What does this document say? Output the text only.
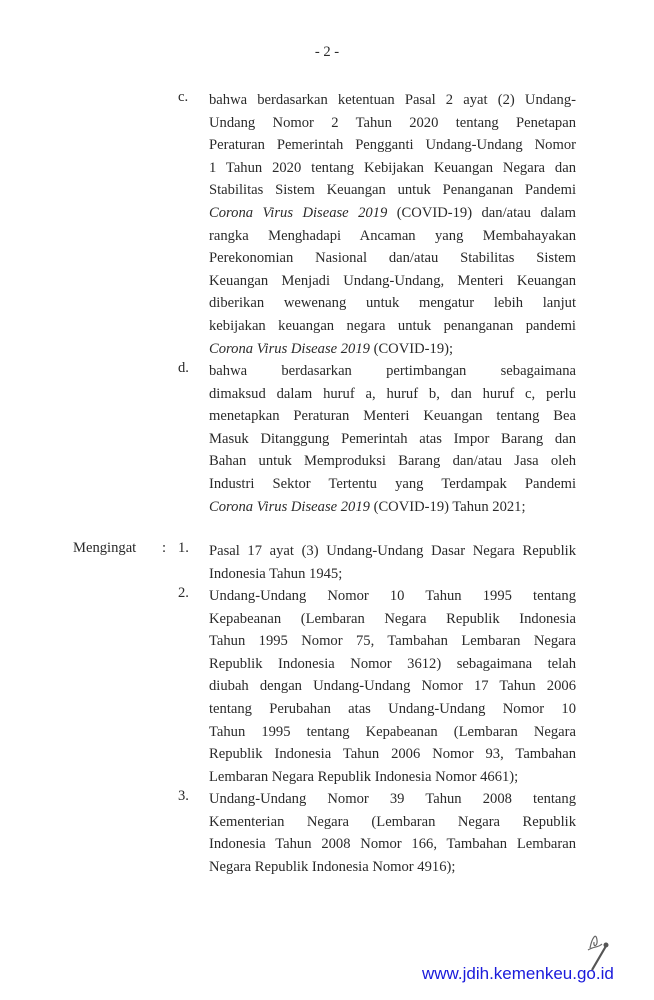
- 2 -
c. bahwa berdasarkan ketentuan Pasal 2 ayat (2) Undang-
Undang Nomor 2 Tahun 2020 tentang Penetapan
Peraturan Pemerintah Pengganti Undang-Undang Nomor
1 Tahun 2020 tentang Kebijakan Keuangan Negara dan
Stabilitas Sistem Keuangan untuk Penanganan Pandemi
Corona Virus Disease 2019 (COVID-19) dan/atau dalam
rangka Menghadapi Ancaman yang Membahayakan
Perekonomian Nasional dan/atau Stabilitas Sistem
Keuangan Menjadi Undang-Undang, Menteri Keuangan
diberikan wewenang untuk mengatur lebih lanjut
kebijakan keuangan negara untuk penanganan pandemi
Corona Virus Disease 2019 (COVID-19);
d. bahwa berdasarkan pertimbangan sebagaimana
dimaksud dalam huruf a, huruf b, dan huruf c, perlu
menetapkan Peraturan Menteri Keuangan tentang Bea
Masuk Ditanggung Pemerintah atas Impor Barang dan
Bahan untuk Memproduksi Barang dan/atau Jasa oleh
Industri Sektor Tertentu yang Terdampak Pandemi
Corona Virus Disease 2019 (COVID-19) Tahun 2021;
Mengingat : 1. Pasal 17 ayat (3) Undang-Undang Dasar Negara Republik
Indonesia Tahun 1945;
2. Undang-Undang Nomor 10 Tahun 1995 tentang
Kepabeanan (Lembaran Negara Republik Indonesia
Tahun 1995 Nomor 75, Tambahan Lembaran Negara
Republik Indonesia Nomor 3612) sebagaimana telah
diubah dengan Undang-Undang Nomor 17 Tahun 2006
tentang Perubahan atas Undang-Undang Nomor 10
Tahun 1995 tentang Kepabeanan (Lembaran Negara
Republik Indonesia Tahun 2006 Nomor 93, Tambahan
Lembaran Negara Republik Indonesia Nomor 4661);
3. Undang-Undang Nomor 39 Tahun 2008 tentang
Kementerian Negara (Lembaran Negara Republik
Indonesia Tahun 2008 Nomor 166, Tambahan Lembaran
Negara Republik Indonesia Nomor 4916);
www.jdih.kemenkeu.go.id
